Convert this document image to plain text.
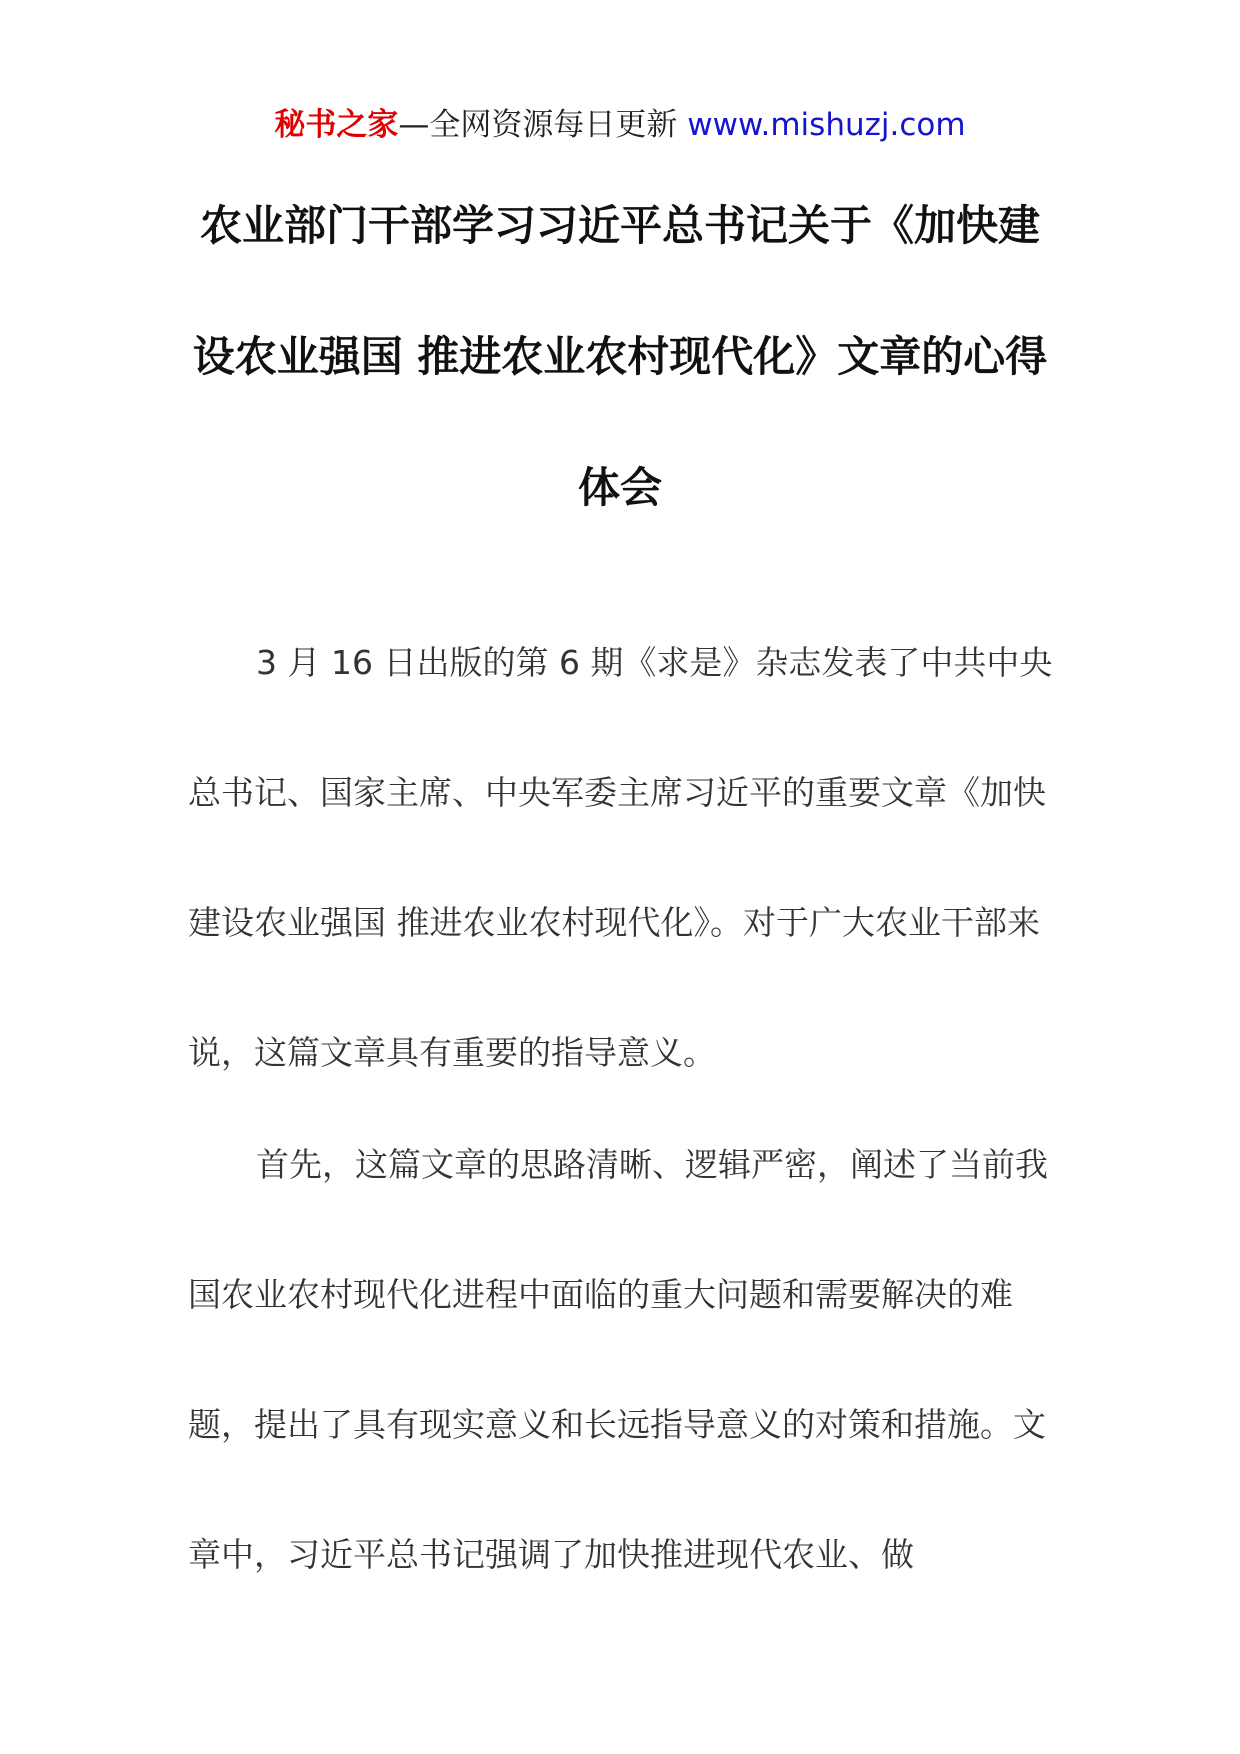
秘书之家—全网资源每日更新 www.mishuzj.com
农业部门干部学习习近平总书记关于《加快建设农业强国 推进农业农村现代化》文章的心得体会

3 月 16 日出版的第 6 期《求是》杂志发表了中共中央总书记、国家主席、中央军委主席习近平的重要文章《加快建设农业强国 推进农业农村现代化》。对于广大农业干部来说，这篇文章具有重要的指导意义。

首先，这篇文章的思路清晰、逻辑严密，阐述了当前我国农业农村现代化进程中面临的重大问题和需要解决的难题，提出了具有现实意义和长远指导意义的对策和措施。文章中，习近平总书记强调了加快推进现代农业、做
